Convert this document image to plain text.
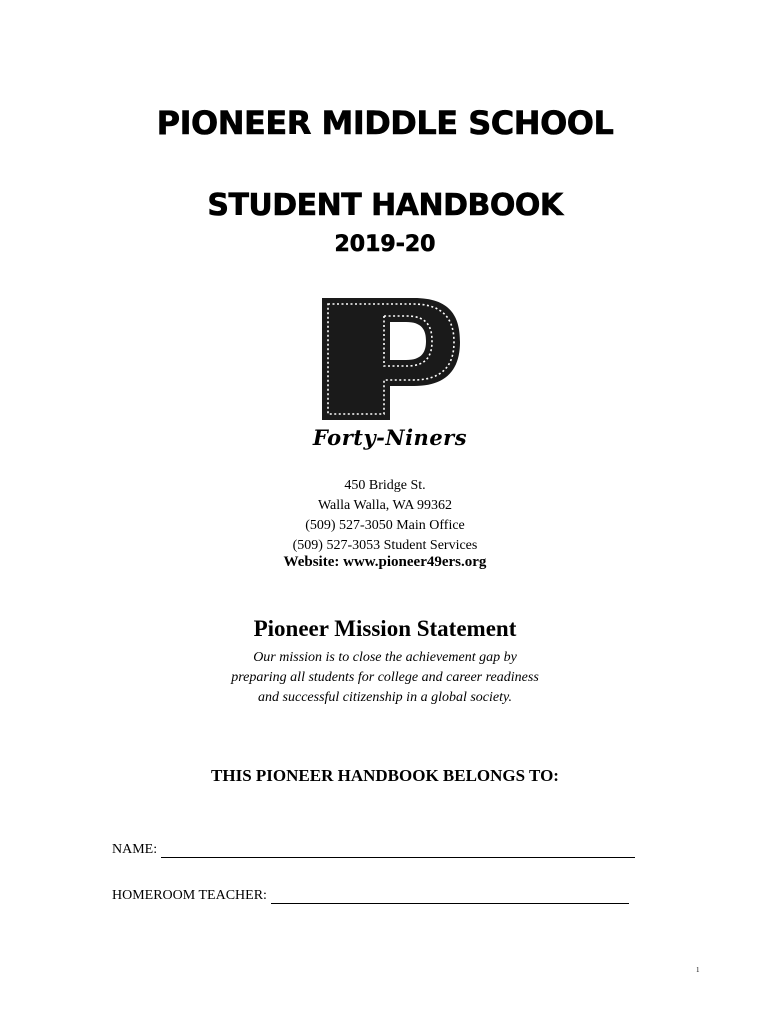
PIONEER MIDDLE SCHOOL
STUDENT HANDBOOK
2019-20
Forty-Niners
450 Bridge St.
Walla Walla, WA 99362
(509) 527-3050 Main Office
(509) 527-3053 Student Services
Website: www.pioneer49ers.org
Pioneer Mission Statement
Our mission is to close the achievement gap by
preparing all students for college and career readiness
and successful citizenship in a global society.
THIS PIONEER HANDBOOK BELONGS TO:
NAME:
HOMEROOM TEACHER:
1
